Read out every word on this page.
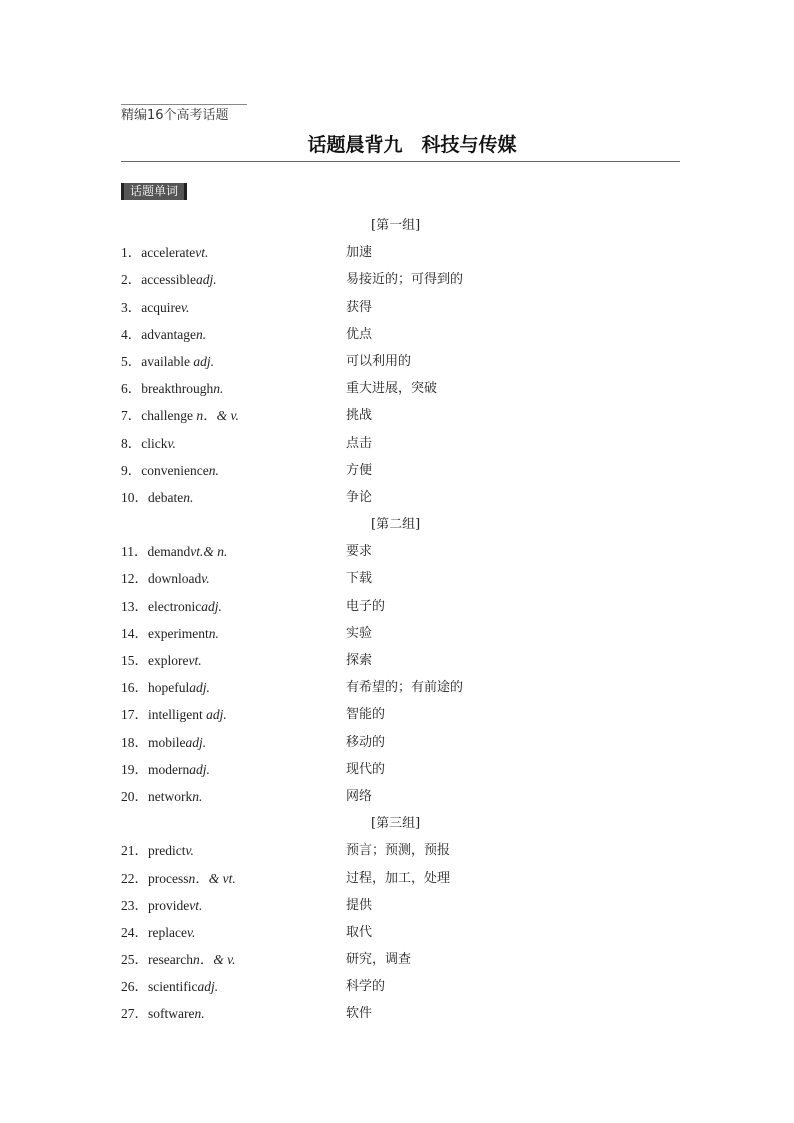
精编16个高考话题
话题晨背九　科技与传媒
话题单词
[第一组]
1．acceleratevt.	加速
2．accessibleadj.	易接近的；可得到的
3．acquirev.	获得
4．advantagen.	优点
5．available adj.	可以利用的
6．breakthroughn.	重大进展，突破
7．challenge n．& v.	挑战
8．clickv.	点击
9．conveniencen.	方便
10．debaten.	争论
[第二组]
11．demandvt.& n.	要求
12．downloadv.	下载
13．electronicadj.	电子的
14．experimentn.	实验
15．explorevt.	探索
16．hopefuladj.	有希望的；有前途的
17．intelligent adj.	智能的
18．mobileadj.	移动的
19．modernadj.	现代的
20．networkn.	网络
[第三组]
21．predictv.	预言；预测，预报
22．processn．& vt.	过程，加工，处理
23．providevt.	提供
24．replacev.	取代
25．researchn．& v.	研究，调查
26．scientificadj.	科学的
27．softwaren.	软件
